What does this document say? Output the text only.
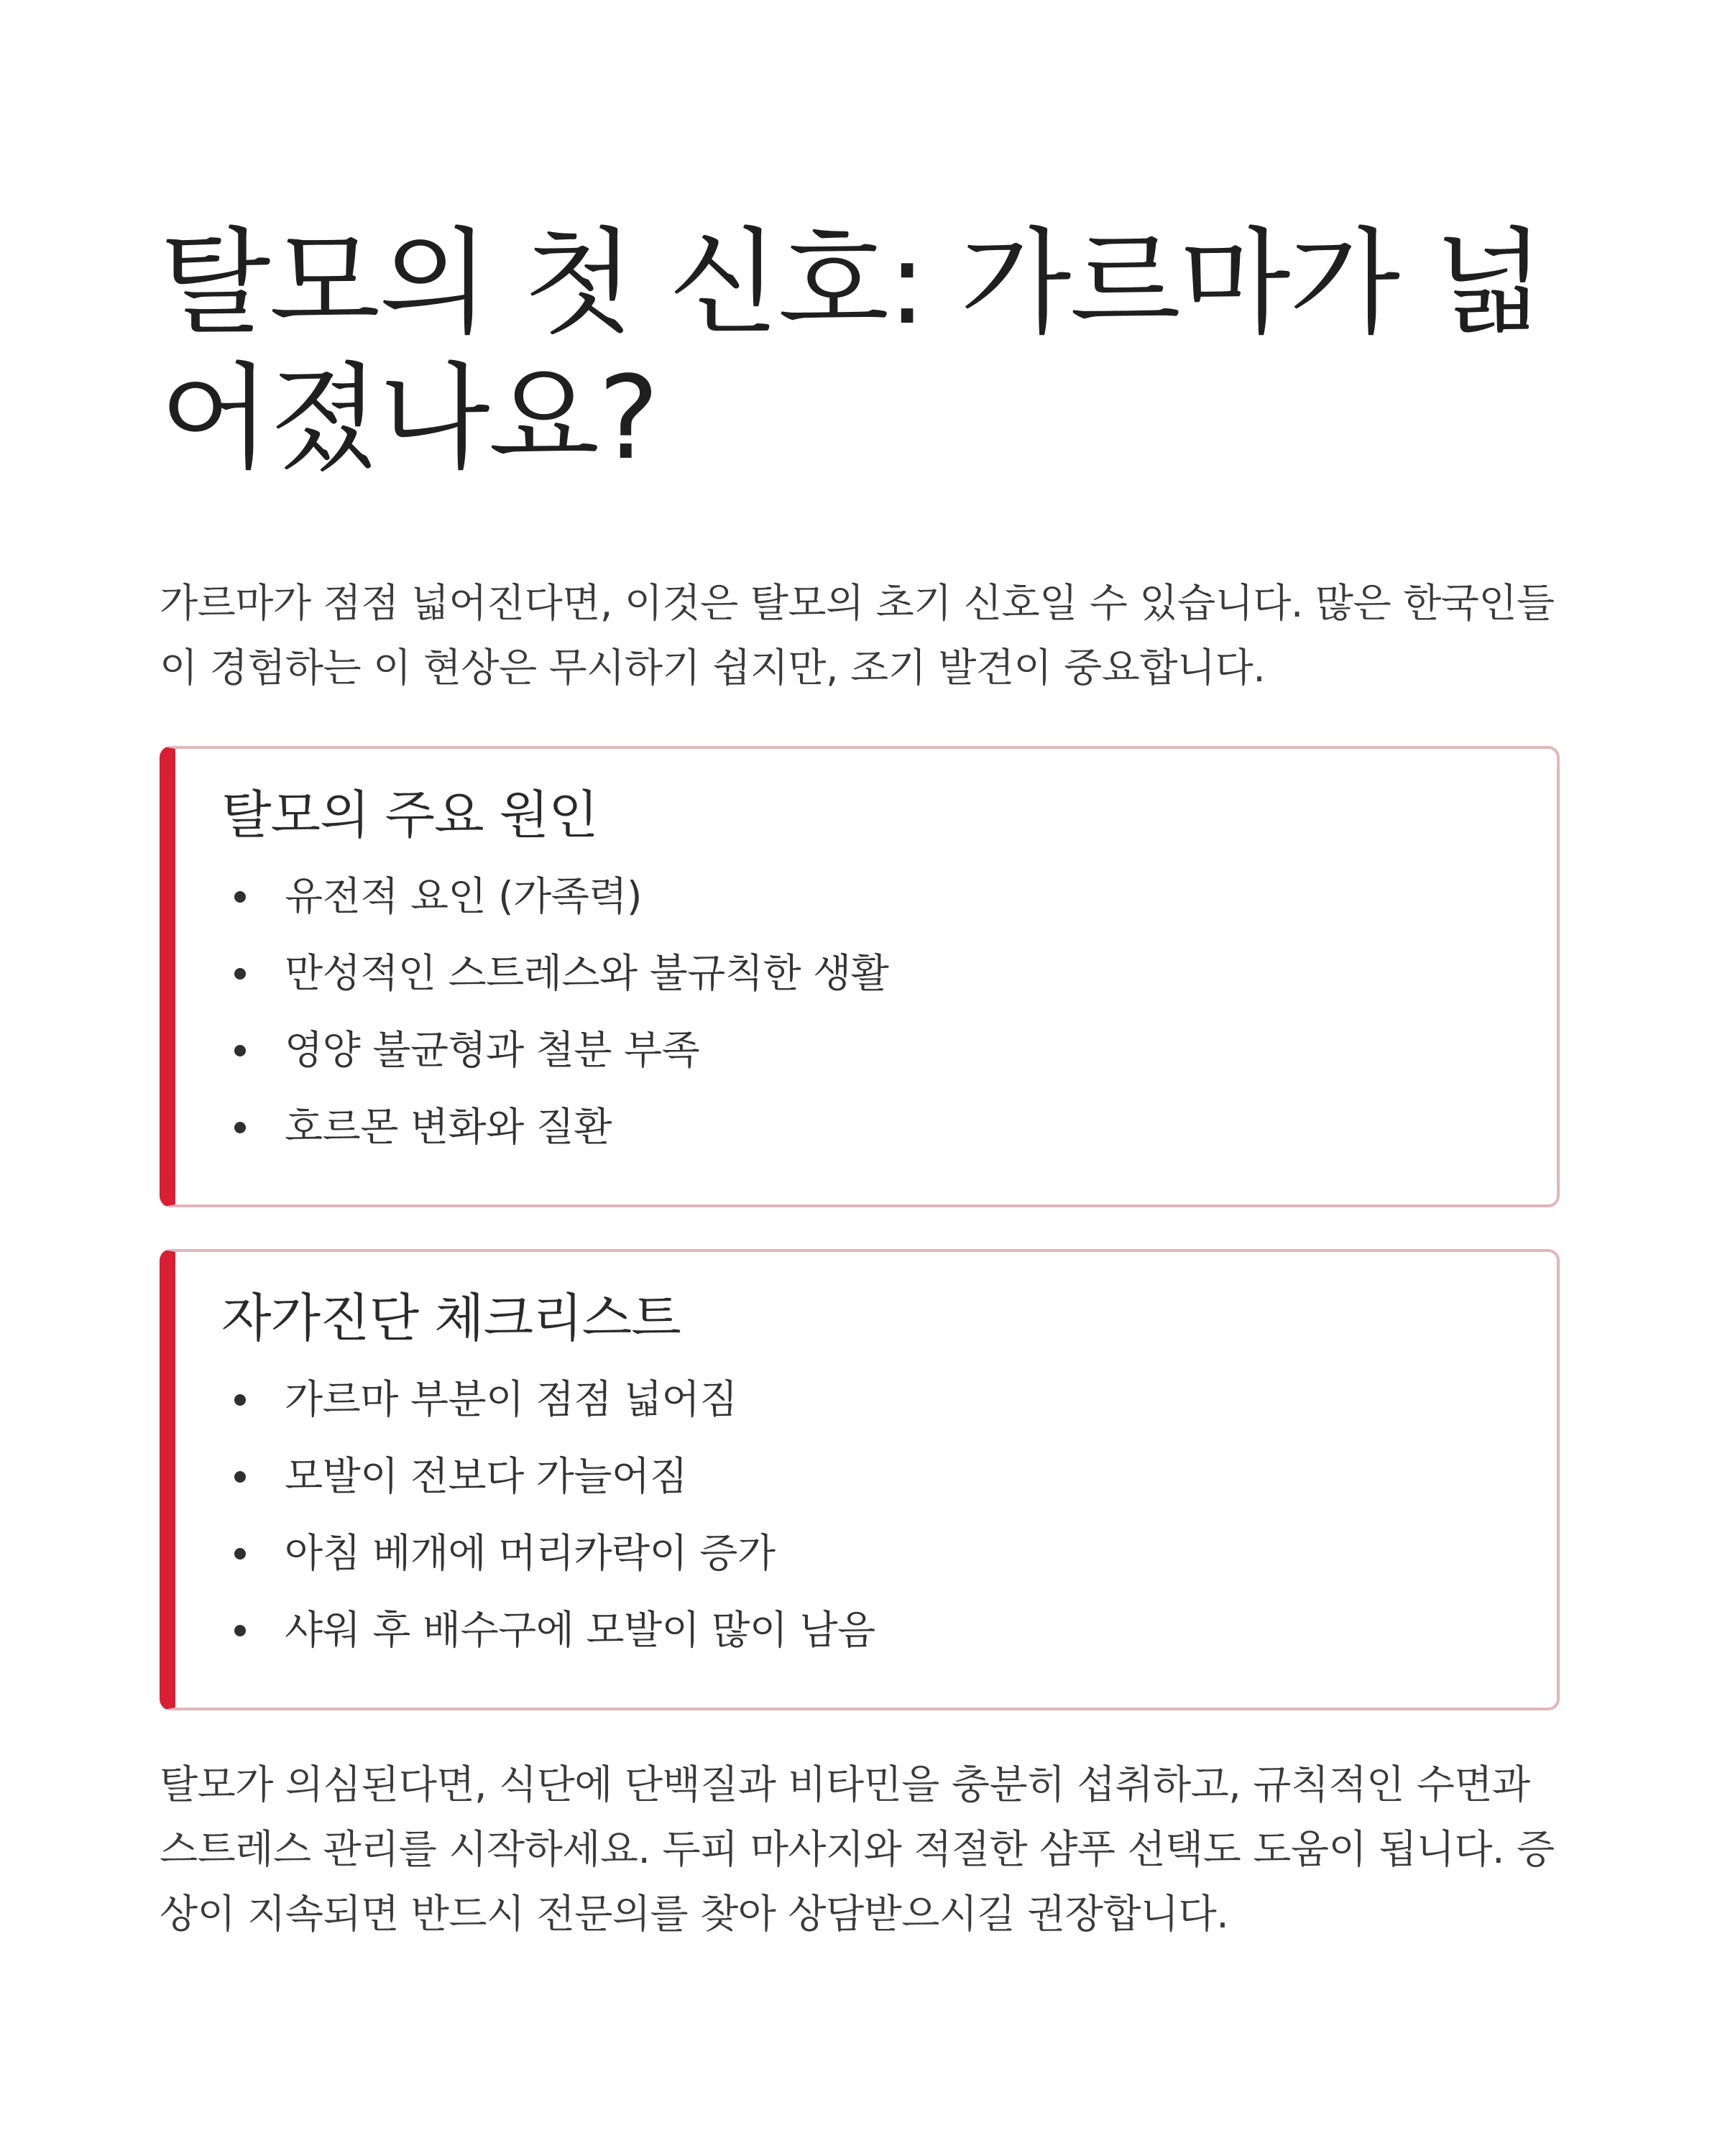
탈모의 첫 신호: 가르마가 넓어졌나요?

가르마가 점점 넓어진다면, 이것은 탈모의 초기 신호일 수 있습니다. 많은 한국인들이 경험하는 이 현상은 무시하기 쉽지만, 조기 발견이 중요합니다.

탈모의 주요 원인
유전적 요인 (가족력)
만성적인 스트레스와 불규칙한 생활
영양 불균형과 철분 부족
호르몬 변화와 질환
자가진단 체크리스트
가르마 부분이 점점 넓어짐
모발이 전보다 가늘어짐
아침 베개에 머리카락이 증가
샤워 후 배수구에 모발이 많이 남음

탈모가 의심된다면, 식단에 단백질과 비타민을 충분히 섭취하고, 규칙적인 수면과 스트레스 관리를 시작하세요. 두피 마사지와 적절한 샴푸 선택도 도움이 됩니다. 증상이 지속되면 반드시 전문의를 찾아 상담받으시길 권장합니다.
